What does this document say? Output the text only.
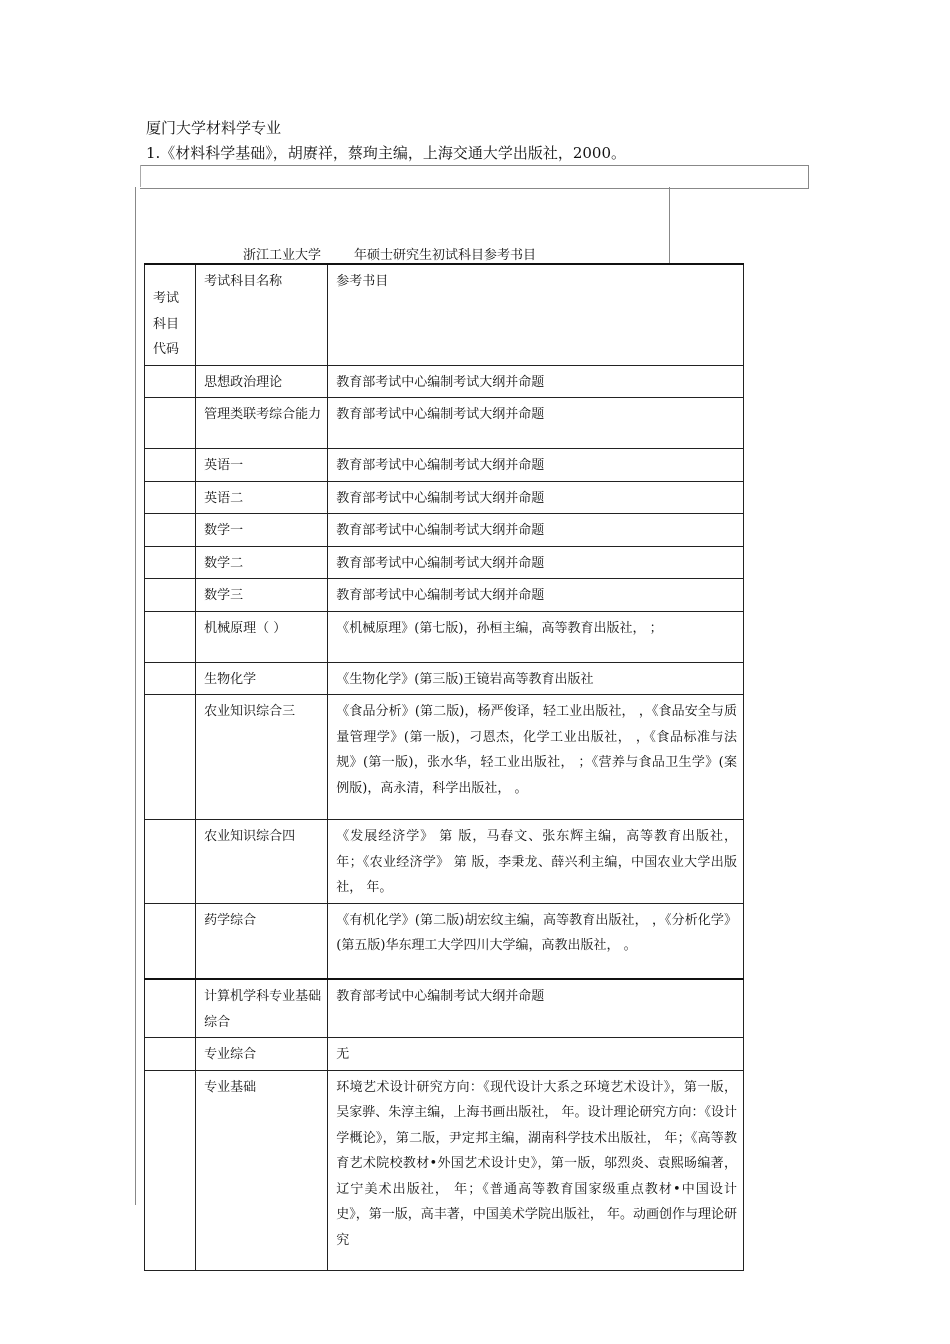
厦门大学材料学专业
1.《材料科学基础》，胡赓祥，蔡珣主编，上海交通大学出版社，2000。
浙江工业大学        年硕士研究生初试科目参考书目
考试科目代码	考试科目名称	参考书目
	思想政治理论	教育部考试中心编制考试大纲并命题
	管理类联考综合能力	教育部考试中心编制考试大纲并命题
	英语一	教育部考试中心编制考试大纲并命题
	英语二	教育部考试中心编制考试大纲并命题
	数学一	教育部考试中心编制考试大纲并命题
	数学二	教育部考试中心编制考试大纲并命题
	数学三	教育部考试中心编制考试大纲并命题
	机械原理（ ）	《机械原理》(第七版)，孙桓主编，高等教育出版社， ；
	生物化学	《生物化学》(第三版)王镜岩高等教育出版社
	农业知识综合三	《食品分析》(第二版)，杨严俊译，轻工业出版社， ，《食品安全与质量管理学》(第一版)，刁恩杰，化学工业出版社， ，《食品标准与法规》(第一版)，张水华，轻工业出版社， ；《营养与食品卫生学》(案例版)，高永清，科学出版社， 。
	农业知识综合四	《发展经济学》 第 版，马春文、张东辉主编，高等教育出版社， 年；《农业经济学》 第 版，李秉龙、薛兴利主编，中国农业大学出版社， 年。
	药学综合	《有机化学》(第二版)胡宏纹主编，高等教育出版社， ，《分析化学》(第五版)华东理工大学四川大学编，高教出版社， 。
	计算机学科专业基础综合	教育部考试中心编制考试大纲并命题
	专业综合	无
	专业基础	环境艺术设计研究方向：《现代设计大系之环境艺术设计》，第一版，吴家骅、朱淳主编，上海书画出版社， 年。设计理论研究方向：《设计学概论》，第二版，尹定邦主编，湖南科学技术出版社， 年；《高等教育艺术院校教材•外国艺术设计史》，第一版，邬烈炎、袁熙旸编著，辽宁美术出版社， 年；《普通高等教育国家级重点教材•中国设计史》，第一版，高丰著，中国美术学院出版社， 年。动画创作与理论研究
